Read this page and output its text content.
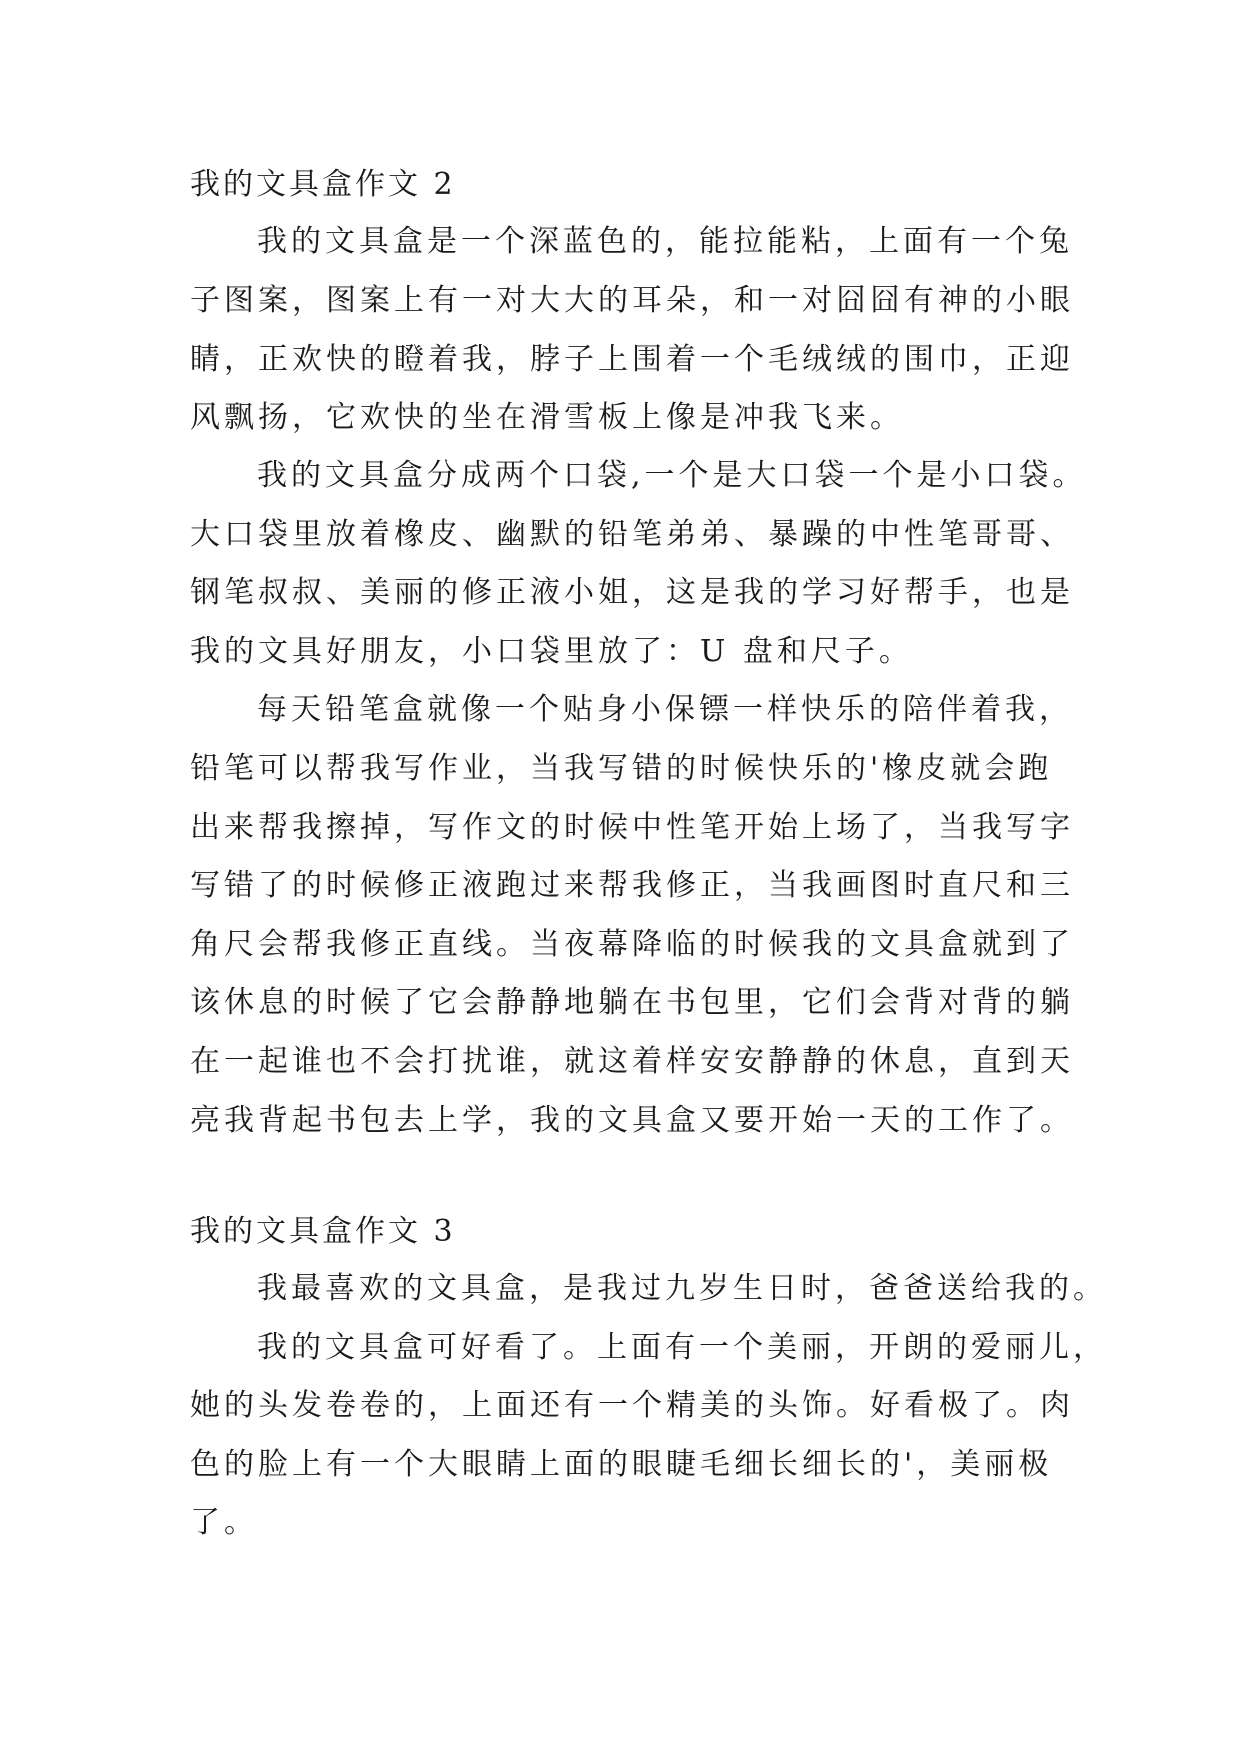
我的文具盒作文 2
我的文具盒是一个深蓝色的，能拉能粘，上面有一个兔
子图案，图案上有一对大大的耳朵，和一对囧囧有神的小眼
睛，正欢快的瞪着我，脖子上围着一个毛绒绒的围巾，正迎
风飘扬，它欢快的坐在滑雪板上像是冲我飞来。
我的文具盒分成两个口袋,一个是大口袋一个是小口袋。
大口袋里放着橡皮、幽默的铅笔弟弟、暴躁的中性笔哥哥、
钢笔叔叔、美丽的修正液小姐，这是我的学习好帮手，也是
我的文具好朋友，小口袋里放了：U 盘和尺子。
每天铅笔盒就像一个贴身小保镖一样快乐的陪伴着我，
铅笔可以帮我写作业，当我写错的时候快乐的'橡皮就会跑
出来帮我擦掉，写作文的时候中性笔开始上场了，当我写字
写错了的时候修正液跑过来帮我修正，当我画图时直尺和三
角尺会帮我修正直线。当夜幕降临的时候我的文具盒就到了
该休息的时候了它会静静地躺在书包里，它们会背对背的躺
在一起谁也不会打扰谁，就这着样安安静静的休息，直到天
亮我背起书包去上学，我的文具盒又要开始一天的工作了。
我的文具盒作文 3
我最喜欢的文具盒，是我过九岁生日时，爸爸送给我的。
我的文具盒可好看了。上面有一个美丽，开朗的爱丽儿，
她的头发卷卷的，上面还有一个精美的头饰。好看极了。肉
色的脸上有一个大眼睛上面的眼睫毛细长细长的'，美丽极
了。
